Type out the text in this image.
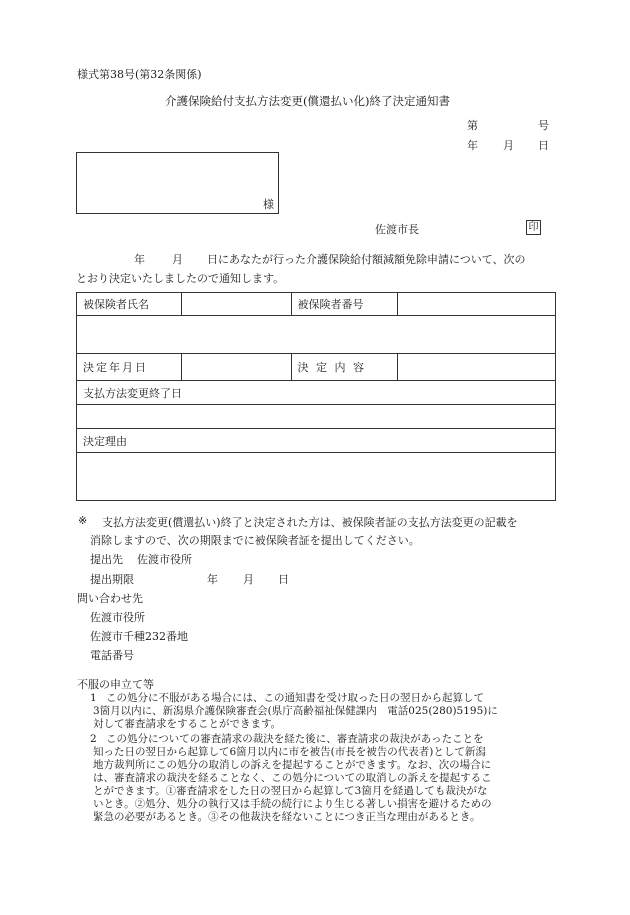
様式第38号(第32条関係)
介護保険給付支払方法変更(償還払い化)終了決定通知書
第	号
年 月 日
様
佐渡市長	印
年 月 日にあなたが行った介護保険給付額減額免除申請について、次の
とおり決定いたしましたので通知します。
被保険者氏名		被保険者番号	

決定年月日		決 定 内 容	
支払方法変更終了日			

決定理由			

※ 支払方法変更(償還払い)終了と決定された方は、被保険者証の支払方法変更の記載を
消除しますので、次の期限までに被保険者証を提出してください。
提出先 佐渡市役所
提出期限	年 月 日
問い合わせ先
佐渡市役所
佐渡市千種232番地
電話番号
不服の申立て等
1 この処分に不服がある場合には、この通知書を受け取った日の翌日から起算して
3箇月以内に、新潟県介護保険審査会(県庁高齢福祉保健課内　電話025(280)5195)に
対して審査請求をすることができます。
2 この処分についての審査請求の裁決を経た後に、審査請求の裁決があったことを
知った日の翌日から起算して6箇月以内に市を被告(市長を被告の代表者)として新潟
地方裁判所にこの処分の取消しの訴えを提起することができます。なお、次の場合に
は、審査請求の裁決を経ることなく、この処分についての取消しの訴えを提起するこ
とができます。①審査請求をした日の翌日から起算して3箇月を経過しても裁決がな
いとき。②処分、処分の執行又は手続の続行により生じる著しい損害を避けるための
緊急の必要があるとき。③その他裁決を経ないことにつき正当な理由があるとき。
